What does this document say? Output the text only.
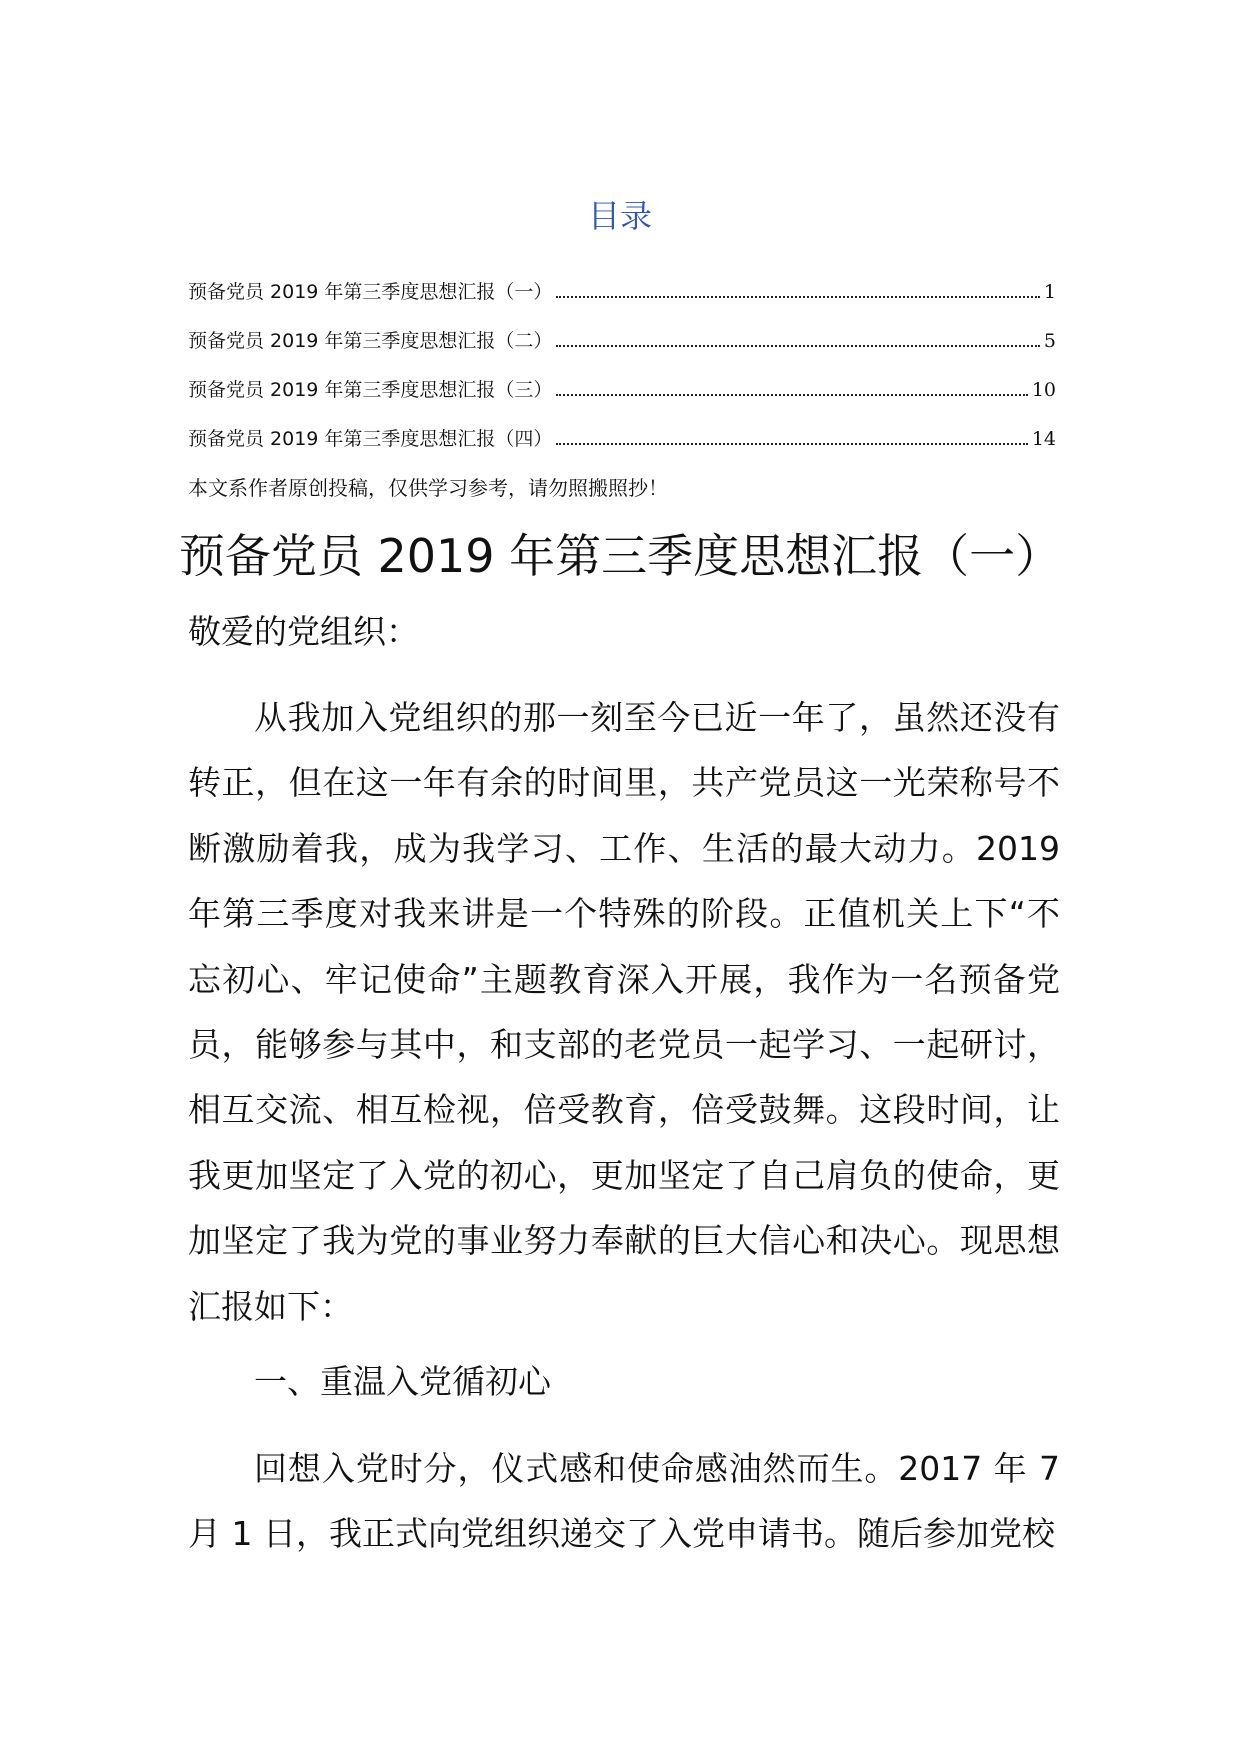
目录
预备党员 2019 年第三季度思想汇报（一）	1
预备党员 2019 年第三季度思想汇报（二）	5
预备党员 2019 年第三季度思想汇报（三）	10
预备党员 2019 年第三季度思想汇报（四）	14
本文系作者原创投稿，仅供学习参考，请勿照搬照抄！
预备党员 2019 年第三季度思想汇报（一）
敬爱的党组织：
从我加入党组织的那一刻至今已近一年了，虽然还没有转正，但在这一年有余的时间里，共产党员这一光荣称号不断激励着我，成为我学习、工作、生活的最大动力。2019 年第三季度对我来讲是一个特殊的阶段。正值机关上下“不忘初心、牢记使命”主题教育深入开展，我作为一名预备党员，能够参与其中，和支部的老党员一起学习、一起研讨，相互交流、相互检视，倍受教育，倍受鼓舞。这段时间，让我更加坚定了入党的初心，更加坚定了自己肩负的使命，更加坚定了我为党的事业努力奉献的巨大信心和决心。现思想汇报如下：
一、重温入党循初心
回想入党时分，仪式感和使命感油然而生。2017 年 7 月 1 日，我正式向党组织递交了入党申请书。随后参加党校
